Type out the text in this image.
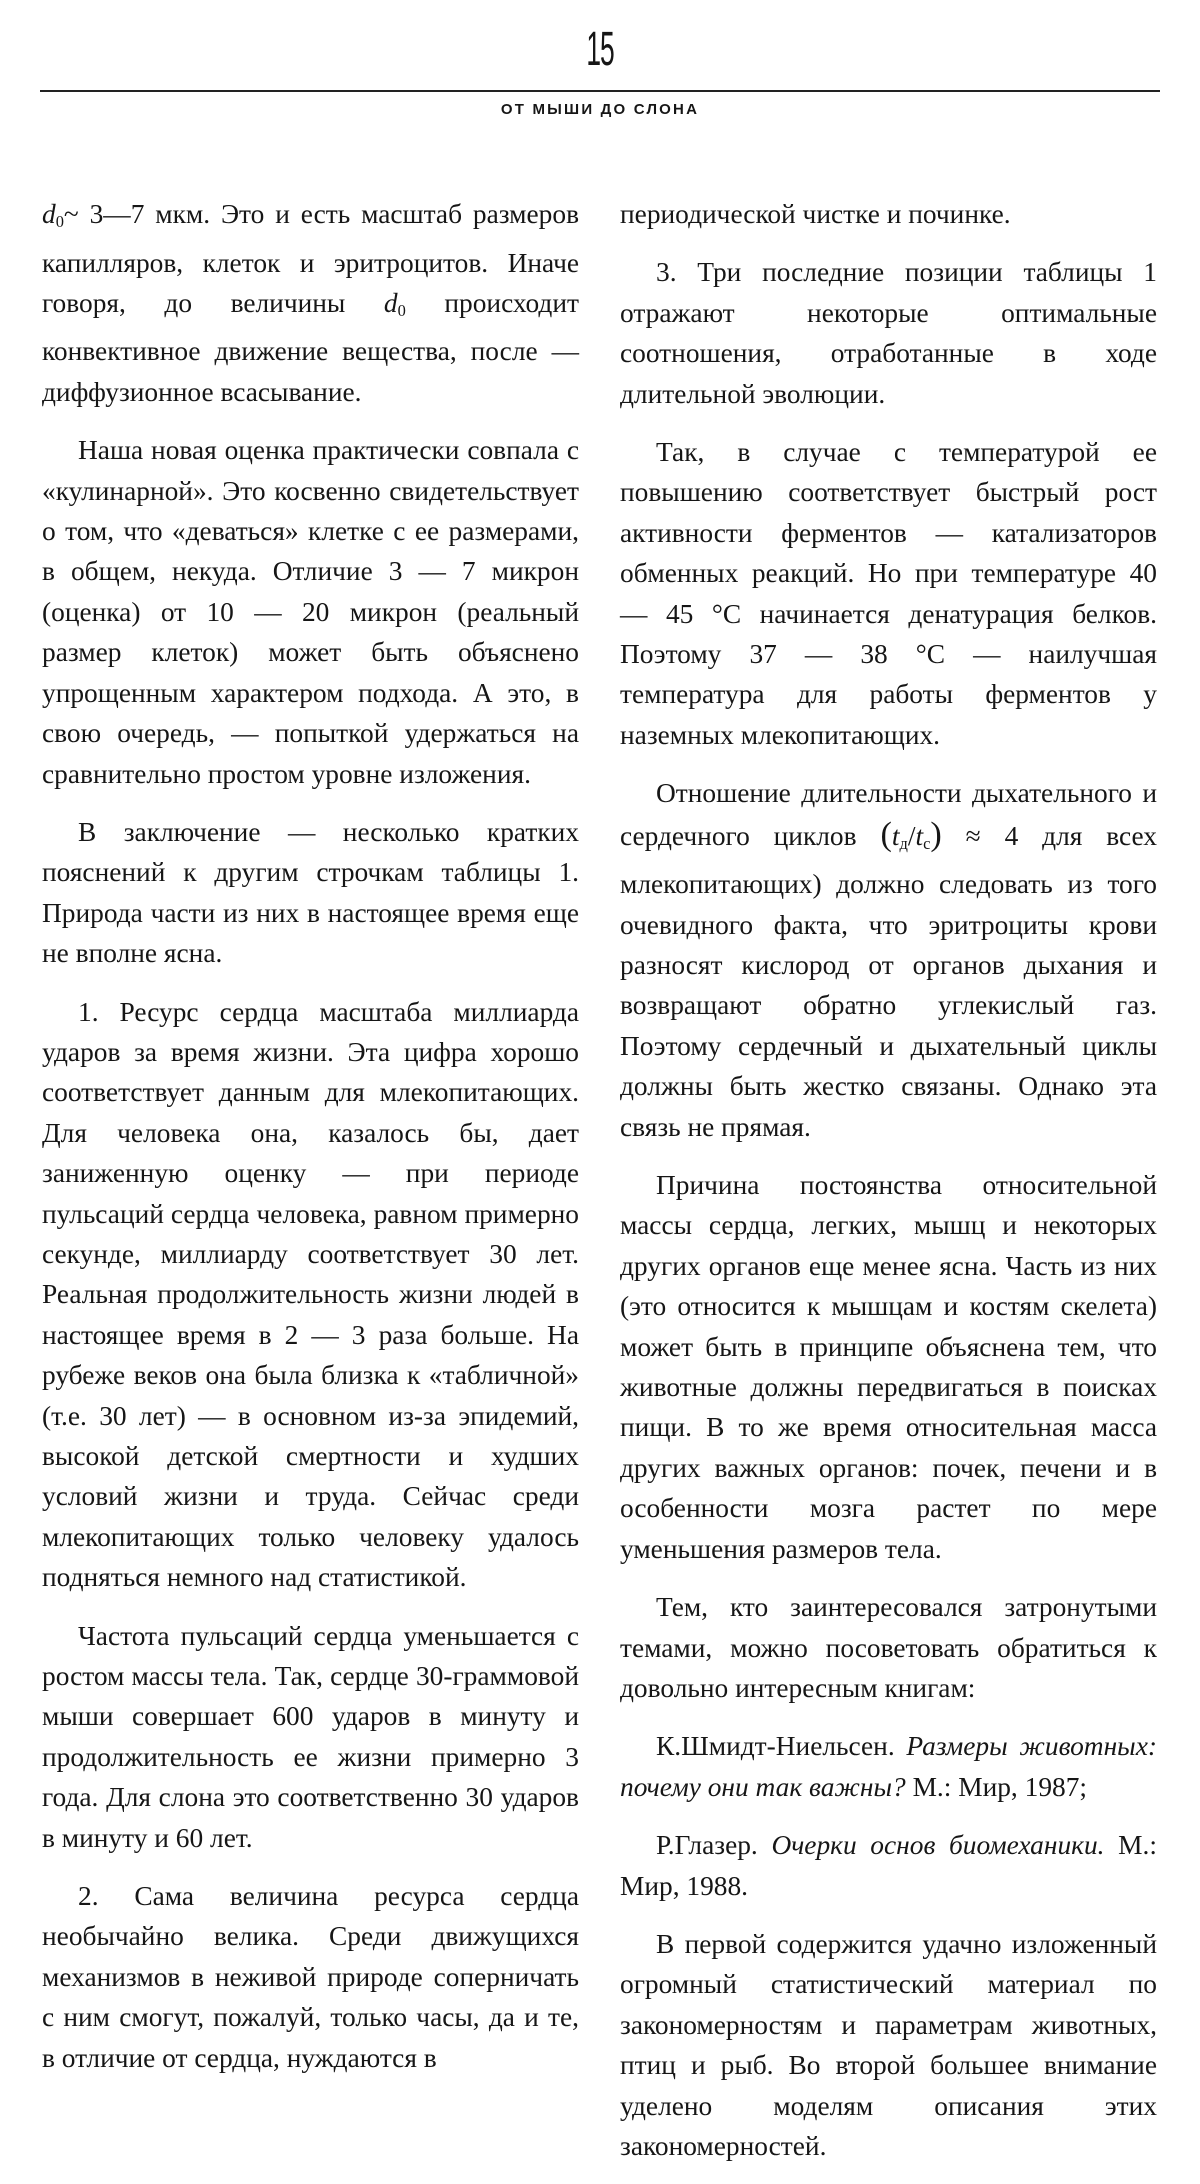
15
ОТ МЫШИ ДО СЛОНА

$d_0\sim$ 3—7 мкм. Это и есть масштаб размеров капилляров, клеток и эритроцитов. Иначе говоря, до величины $d_0$ происходит конвективное движение вещества, после — диффузионное всасывание.

Наша новая оценка практически совпала с «кулинарной». Это косвенно свидетельствует о том, что «деваться» клетке с ее размерами, в общем, некуда. Отличие 3 — 7 микрон (оценка) от 10 — 20 микрон (реальный размер клеток) может быть объяснено упрощенным характером подхода. А это, в свою очередь, — попыткой удержаться на сравнительно простом уровне изложения.

В заключение — несколько кратких пояснений к другим строчкам таблицы 1. Природа части из них в настоящее время еще не вполне ясна.

1. Ресурс сердца масштаба миллиарда ударов за время жизни. Эта цифра хорошо соответствует данным для млекопитающих. Для человека она, казалось бы, дает заниженную оценку — при периоде пульсаций сердца человека, равном примерно секунде, миллиарду соответствует 30 лет. Реальная продолжительность жизни людей в настоящее время в 2 — 3 раза больше. На рубеже веков она была близка к «табличной» (т.е. 30 лет) — в основном из-за эпидемий, высокой детской смертности и худших условий жизни и труда. Сейчас среди млекопитающих только человеку удалось подняться немного над статистикой.

Частота пульсаций сердца уменьшается с ростом массы тела. Так, сердце 30-граммовой мыши совершает 600 ударов в минуту и продолжительность ее жизни примерно 3 года. Для слона это соответственно 30 ударов в минуту и 60 лет.

2. Сама величина ресурса сердца необычайно велика. Среди движущихся механизмов в неживой природе соперничать с ним смогут, пожалуй, только часы, да и те, в отличие от сердца, нуждаются в

периодической чистке и починке.

3. Три последние позиции таблицы 1 отражают некоторые оптимальные соотношения, отработанные в ходе длительной эволюции.

Так, в случае с температурой ее повышению соответствует быстрый рост активности ферментов — катализаторов обменных реакций. Но при температуре 40 — 45 °С начинается денатурация белков. Поэтому 37 — 38 °С — наилучшая температура для работы ферментов у наземных млекопитающих.

Отношение длительности дыхательного и сердечного циклов $(t_д/t_с) \approx 4$ для всех млекопитающих) должно следовать из того очевидного факта, что эритроциты крови разносят кислород от органов дыхания и возвращают обратно углекислый газ. Поэтому сердечный и дыхательный циклы должны быть жестко связаны. Однако эта связь не прямая.

Причина постоянства относительной массы сердца, легких, мышц и некоторых других органов еще менее ясна. Часть из них (это относится к мышцам и костям скелета) может быть в принципе объяснена тем, что животные должны передвигаться в поисках пищи. В то же время относительная масса других важных органов: почек, печени и в особенности мозга растет по мере уменьшения размеров тела.

Тем, кто заинтересовался затронутыми темами, можно посоветовать обратиться к довольно интересным книгам:

К.Шмидт-Ниельсен. Размеры животных: почему они так важны? М.: Мир, 1987;

Р.Глазер. Очерки основ биомеханики. М.: Мир, 1988.

В первой содержится удачно изложенный огромный статистический материал по закономерностям и параметрам животных, птиц и рыб. Во второй большее внимание уделено моделям описания этих закономерностей.
